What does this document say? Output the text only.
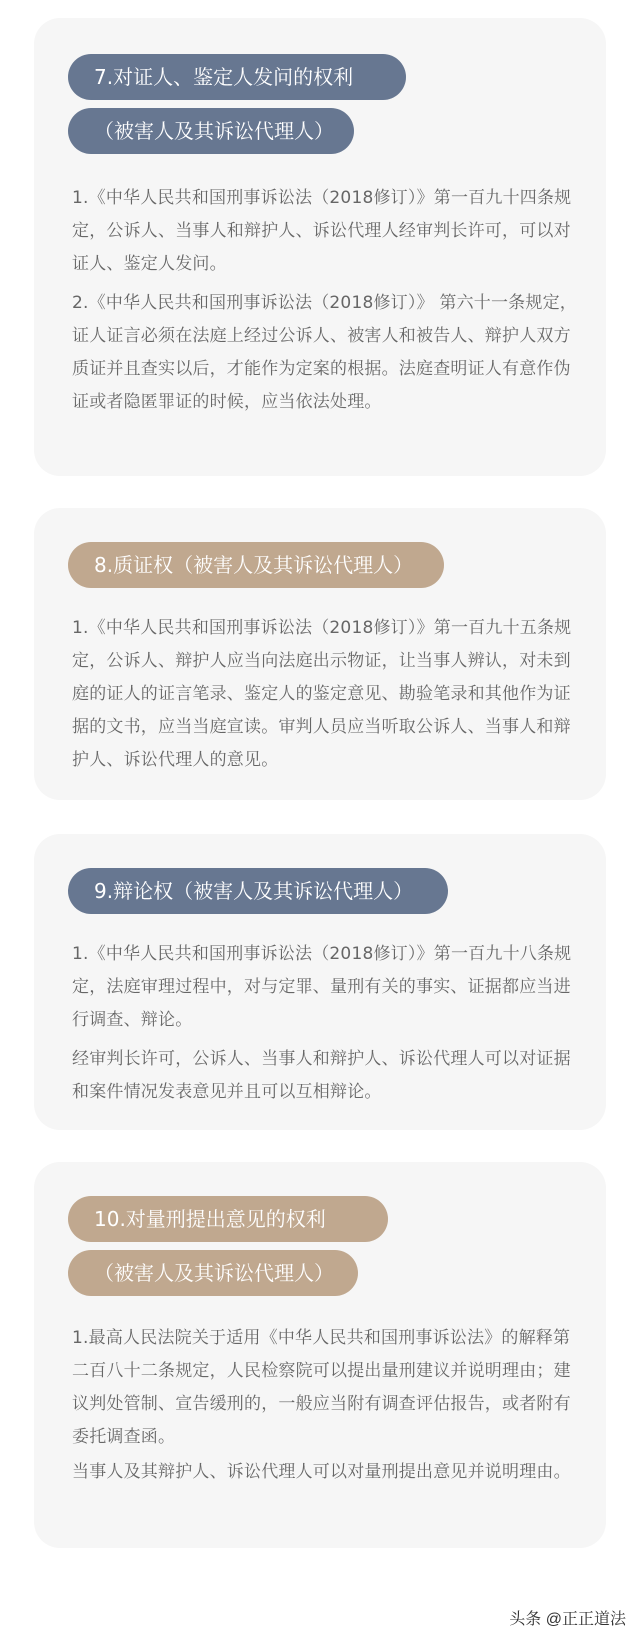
7.对证人、鉴定人发问的权利
（被害人及其诉讼代理人）

1.《中华人民共和国刑事诉讼法（2018修订）》第一百九十四条规定，公诉人、当事人和辩护人、诉讼代理人经审判长许可，可以对证人、鉴定人发问。

2.《中华人民共和国刑事诉讼法（2018修订）》 第六十一条规定，证人证言必须在法庭上经过公诉人、被害人和被告人、辩护人双方质证并且查实以后，才能作为定案的根据。法庭查明证人有意作伪证或者隐匿罪证的时候，应当依法处理。

8.质证权（被害人及其诉讼代理人）

1.《中华人民共和国刑事诉讼法（2018修订）》第一百九十五条规定，公诉人、辩护人应当向法庭出示物证，让当事人辨认，对未到庭的证人的证言笔录、鉴定人的鉴定意见、勘验笔录和其他作为证据的文书，应当当庭宣读。审判人员应当听取公诉人、当事人和辩护人、诉讼代理人的意见。

9.辩论权（被害人及其诉讼代理人）

1.《中华人民共和国刑事诉讼法（2018修订）》第一百九十八条规定，法庭审理过程中，对与定罪、量刑有关的事实、证据都应当进行调查、辩论。

经审判长许可，公诉人、当事人和辩护人、诉讼代理人可以对证据和案件情况发表意见并且可以互相辩论。

10.对量刑提出意见的权利
（被害人及其诉讼代理人）

1.最高人民法院关于适用《中华人民共和国刑事诉讼法》的解释第二百八十二条规定，人民检察院可以提出量刑建议并说明理由；建议判处管制、宣告缓刑的，一般应当附有调查评估报告，或者附有委托调查函。

当事人及其辩护人、诉讼代理人可以对量刑提出意见并说明理由。

头条 @正正道法
